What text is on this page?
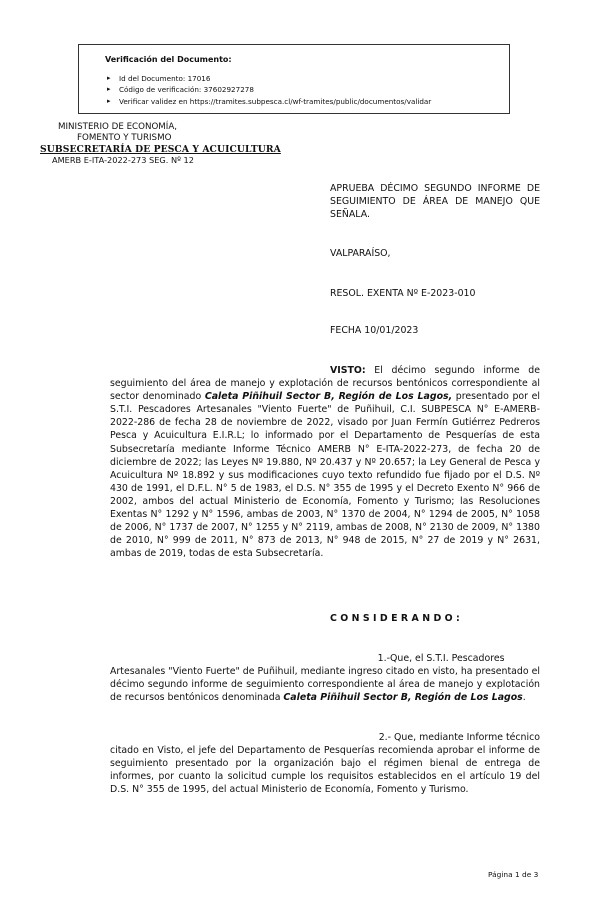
Verificación del Documento:
▸ Id del Documento: 17016
▸ Código de verificación: 37602927278
▸ Verificar validez en https://tramites.subpesca.cl/wf-tramites/public/documentos/validar
MINISTERIO DE ECONOMÍA,
FOMENTO Y TURISMO
SUBSECRETARÍA DE PESCA Y ACUICULTURA
AMERB E-ITA-2022-273 SEG. Nº 12
APRUEBA DÉCIMO SEGUNDO INFORME DE SEGUIMIENTO DE ÁREA DE MANEJO QUE SEÑALA.
VALPARAÍSO,
RESOL. EXENTA Nº E-2023-010
FECHA 10/01/2023
VISTO: El décimo segundo informe de seguimiento del área de manejo y explotación de recursos bentónicos correspondiente al sector denominado Caleta Piñihuil Sector B, Región de Los Lagos, presentado por el S.T.I. Pescadores Artesanales "Viento Fuerte" de Puñihuil, C.I. SUBPESCA N° E-AMERB-2022-286 de fecha 28 de noviembre de 2022, visado por Juan Fermín Gutiérrez Pedreros Pesca y Acuicultura E.I.R.L; lo informado por el Departamento de Pesquerías de esta Subsecretaría mediante Informe Técnico AMERB N° E-ITA-2022-273, de fecha 20 de diciembre de 2022; las Leyes Nº 19.880, Nº 20.437 y Nº 20.657; la Ley General de Pesca y Acuicultura Nº 18.892 y sus modificaciones cuyo texto refundido fue fijado por el D.S. Nº 430 de 1991, el D.F.L. N° 5 de 1983, el D.S. N° 355 de 1995 y el Decreto Exento N° 966 de 2002, ambos del actual Ministerio de Economía, Fomento y Turismo; las Resoluciones Exentas N° 1292 y N° 1596, ambas de 2003, N° 1370 de 2004, N° 1294 de 2005, N° 1058 de 2006, N° 1737 de 2007, N° 1255 y N° 2119, ambas de 2008, N° 2130 de 2009, N° 1380 de 2010, N° 999 de 2011, N° 873 de 2013, N° 948 de 2015, N° 27 de 2019 y N° 2631, ambas de 2019, todas de esta Subsecretaría.
CONSIDERANDO:
1.-Que, el S.T.I. Pescadores
Artesanales "Viento Fuerte" de Puñihuil, mediante ingreso citado en visto, ha presentado el décimo segundo informe de seguimiento correspondiente al área de manejo y explotación de recursos bentónicos denominada Caleta Piñihuil Sector B, Región de Los Lagos.
2.- Que, mediante Informe técnico
citado en Visto, el jefe del Departamento de Pesquerías recomienda aprobar el informe de seguimiento presentado por la organización bajo el régimen bienal de entrega de informes, por cuanto la solicitud cumple los requisitos establecidos en el artículo 19 del D.S. N° 355 de 1995, del actual Ministerio de Economía, Fomento y Turismo.
Página 1 de 3
